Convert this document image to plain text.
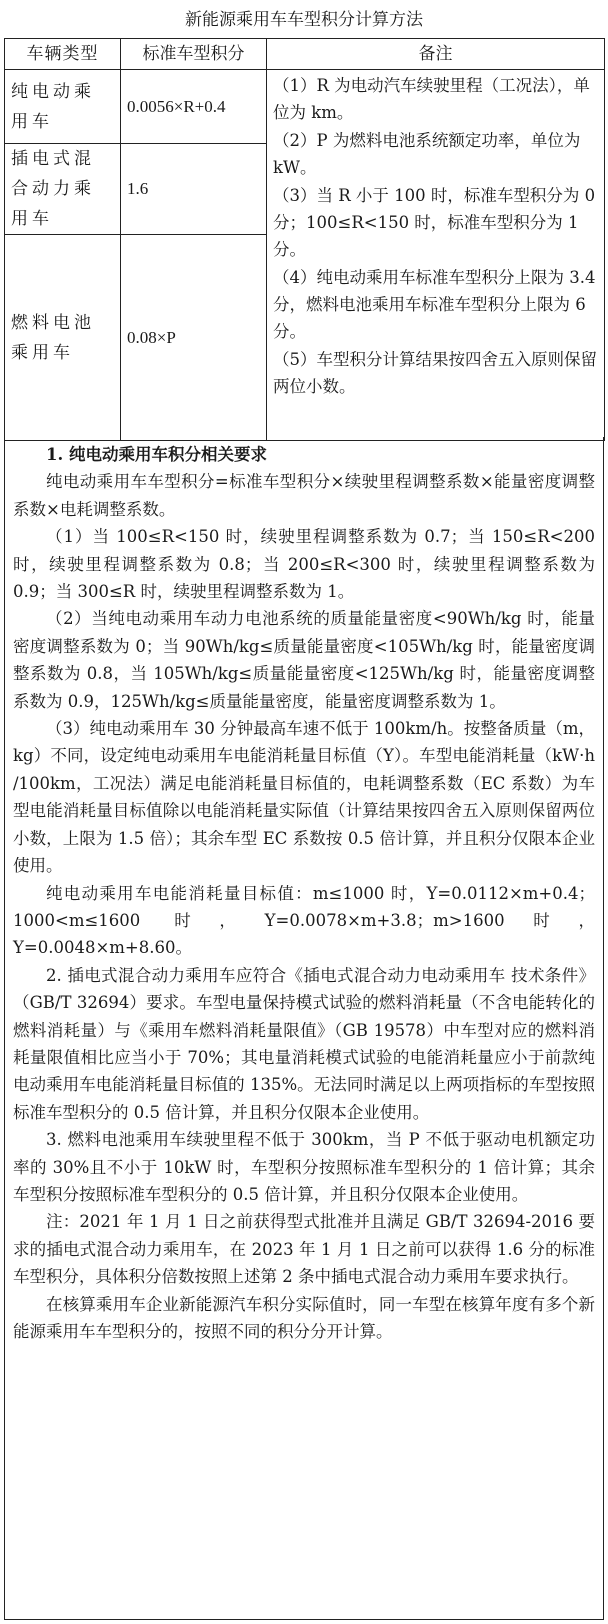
新能源乘用车车型积分计算方法
车辆类型	标准车型积分	备注
纯电动乘用车	0.0056×R+0.4	（1）R 为电动汽车续驶里程（工况法），单位为 km。

（2）P 为燃料电池系统额定功率，单位为 kW。

（3）当 R 小于 100 时，标准车型积分为 0 分；100≤R<150 时，标准车型积分为 1 分。

（4）纯电动乘用车标准车型积分上限为 3.4 分，燃料电池乘用车标准车型积分上限为 6 分。

（5）车型积分计算结果按四舍五入原则保留两位小数。

插电式混合动力乘用车	1.6	
燃料电池乘用车	0.08×P	

1. 纯电动乘用车积分相关要求

纯电动乘用车车型积分=标准车型积分×续驶里程调整系数×能量密度调整系数×电耗调整系数。

（1）当 100≤R<150 时，续驶里程调整系数为 0.7；当 150≤R<200 时，续驶里程调整系数为 0.8；当 200≤R<300 时，续驶里程调整系数为 0.9；当 300≤R 时，续驶里程调整系数为 1。

（2）当纯电动乘用车动力电池系统的质量能量密度<90Wh/kg 时，能量密度调整系数为 0；当 90Wh/kg≤质量能量密度<105Wh/kg 时，能量密度调整系数为 0.8，当 105Wh/kg≤质量能量密度<125Wh/kg 时，能量密度调整系数为 0.9，125Wh/kg≤质量能量密度，能量密度调整系数为 1。

（3）纯电动乘用车 30 分钟最高车速不低于 100km/h。按整备质量（m，kg）不同，设定纯电动乘用车电能消耗量目标值（Y）。车型电能消耗量（kW·h /100km，工况法）满足电能消耗量目标值的，电耗调整系数（EC 系数）为车型电能消耗量目标值除以电能消耗量实际值（计算结果按四舍五入原则保留两位小数，上限为 1.5 倍）；其余车型 EC 系数按 0.5 倍计算，并且积分仅限本企业使用。

纯电动乘用车电能消耗量目标值：m≤1000 时，Y=0.0112×m+0.4；1000<m≤1600 时，Y=0.0078×m+3.8；m>1600时，Y=0.0048×m+8.60。

2. 插电式混合动力乘用车应符合《插电式混合动力电动乘用车 技术条件》（GB/T 32694）要求。车型电量保持模式试验的燃料消耗量（不含电能转化的燃料消耗量）与《乘用车燃料消耗量限值》（GB 19578）中车型对应的燃料消耗量限值相比应当小于 70%；其电量消耗模式试验的电能消耗量应小于前款纯电动乘用车电能消耗量目标值的 135%。无法同时满足以上两项指标的车型按照标准车型积分的 0.5 倍计算，并且积分仅限本企业使用。

3. 燃料电池乘用车续驶里程不低于 300km，当 P 不低于驱动电机额定功率的 30%且不小于 10kW 时，车型积分按照标准车型积分的 1 倍计算；其余车型积分按照标准车型积分的 0.5 倍计算，并且积分仅限本企业使用。

注：2021 年 1 月 1 日之前获得型式批准并且满足 GB/T 32694-2016 要求的插电式混合动力乘用车，在 2023 年 1 月 1 日之前可以获得 1.6 分的标准车型积分，具体积分倍数按照上述第 2 条中插电式混合动力乘用车要求执行。

在核算乘用车企业新能源汽车积分实际值时，同一车型在核算年度有多个新能源乘用车车型积分的，按照不同的积分分开计算。
